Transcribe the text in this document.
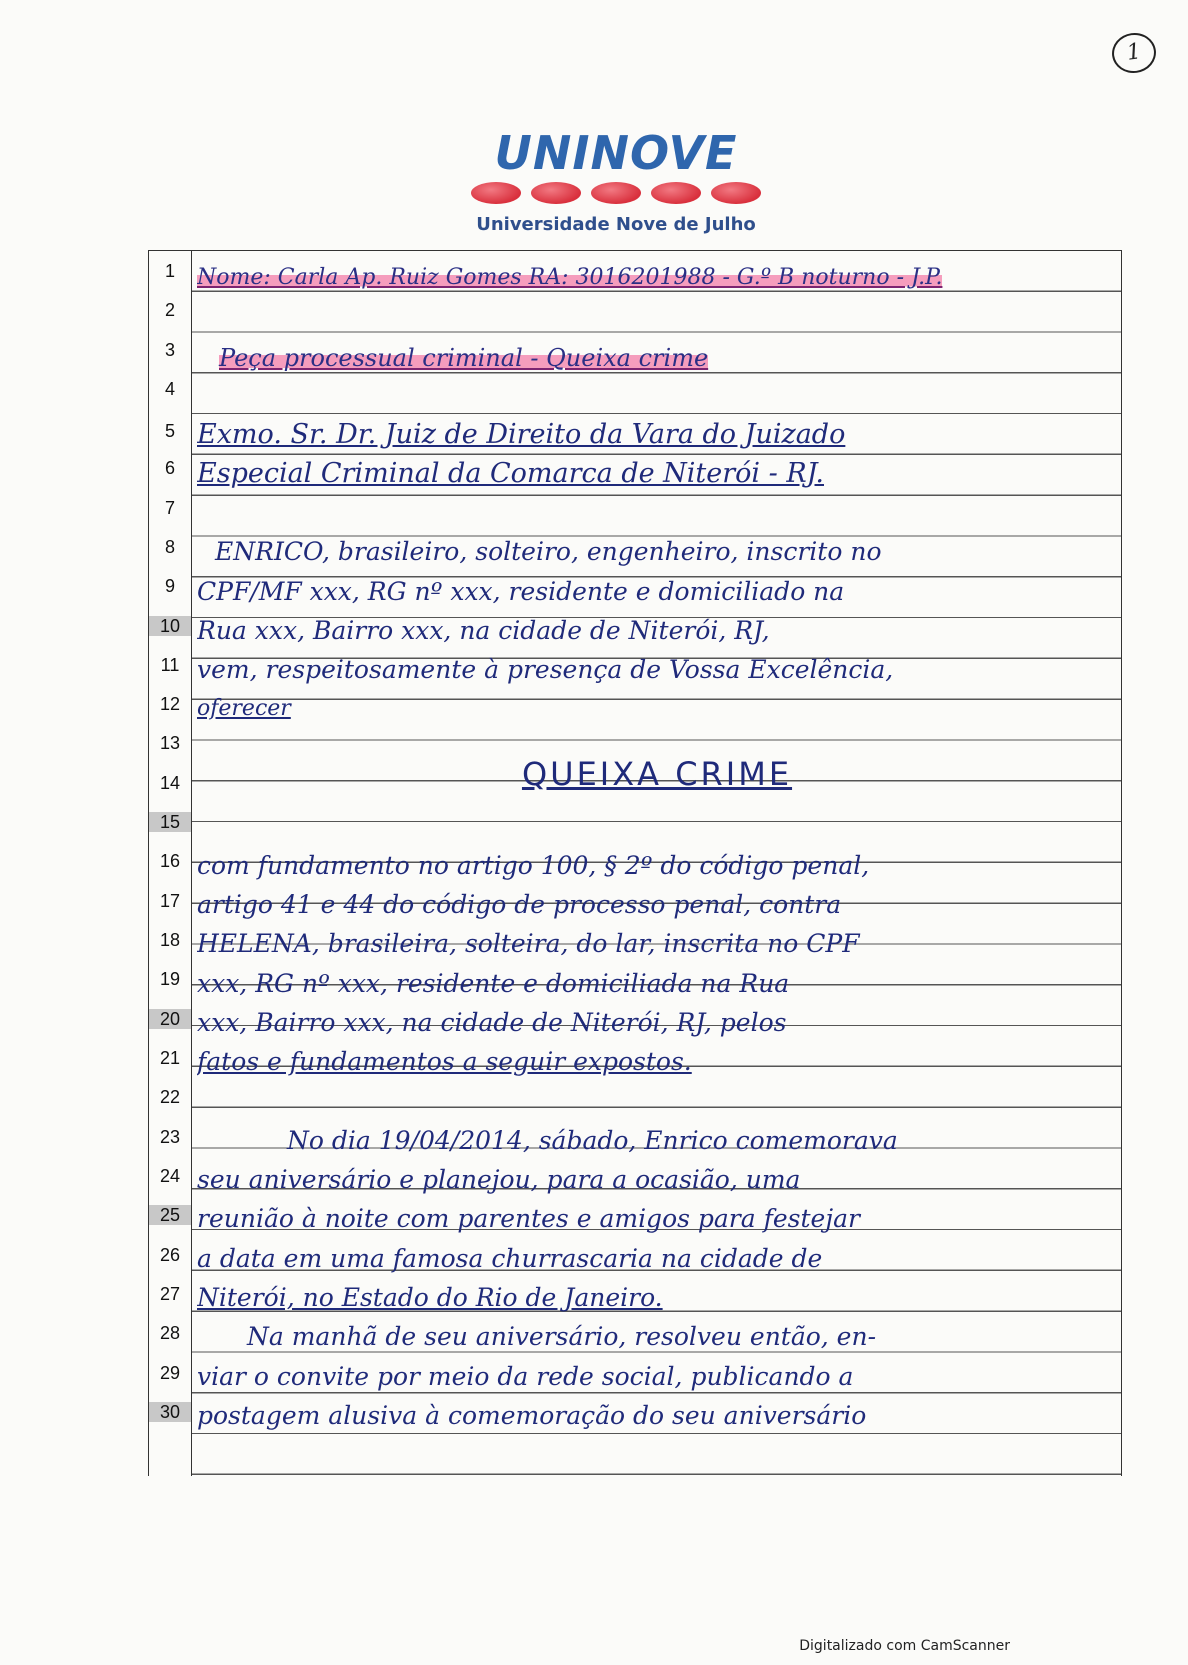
1
UNINOVE
Universidade Nove de Julho
1
2
3
4
5
6
7
8
9
10
11
12
13
14
15
16
17
18
19
20
21
22
23
24
25
26
27
28
29
30
Nome: Carla Ap. Ruiz Gomes RA: 3016201988 - G.º B noturno - J.P.
Peça processual criminal - Queixa crime
Exmo. Sr. Dr. Juiz de Direito da Vara do Juizado
Especial Criminal da Comarca de Niterói - RJ.
ENRICO, brasileiro, solteiro, engenheiro, inscrito no
CPF/MF xxx, RG nº xxx, residente e domiciliado na
Rua xxx, Bairro xxx, na cidade de Niterói, RJ,
vem, respeitosamente à presença de Vossa Excelência,
oferecer
QUEIXA CRIME
com fundamento no artigo 100, § 2º do código penal,
artigo 41 e 44 do código de processo penal, contra
HELENA, brasileira, solteira, do lar, inscrita no CPF
xxx, RG nº xxx, residente e domiciliada na Rua
xxx, Bairro xxx, na cidade de Niterói, RJ, pelos
fatos e fundamentos a seguir expostos.
No dia 19/04/2014, sábado, Enrico comemorava
seu aniversário e planejou, para a ocasião, uma
reunião à noite com parentes e amigos para festejar
a data em uma famosa churrascaria na cidade de
Niterói, no Estado do Rio de Janeiro.
Na manhã de seu aniversário, resolveu então, en-
viar o convite por meio da rede social, publicando a
postagem alusiva à comemoração do seu aniversário
Digitalizado com CamScanner
